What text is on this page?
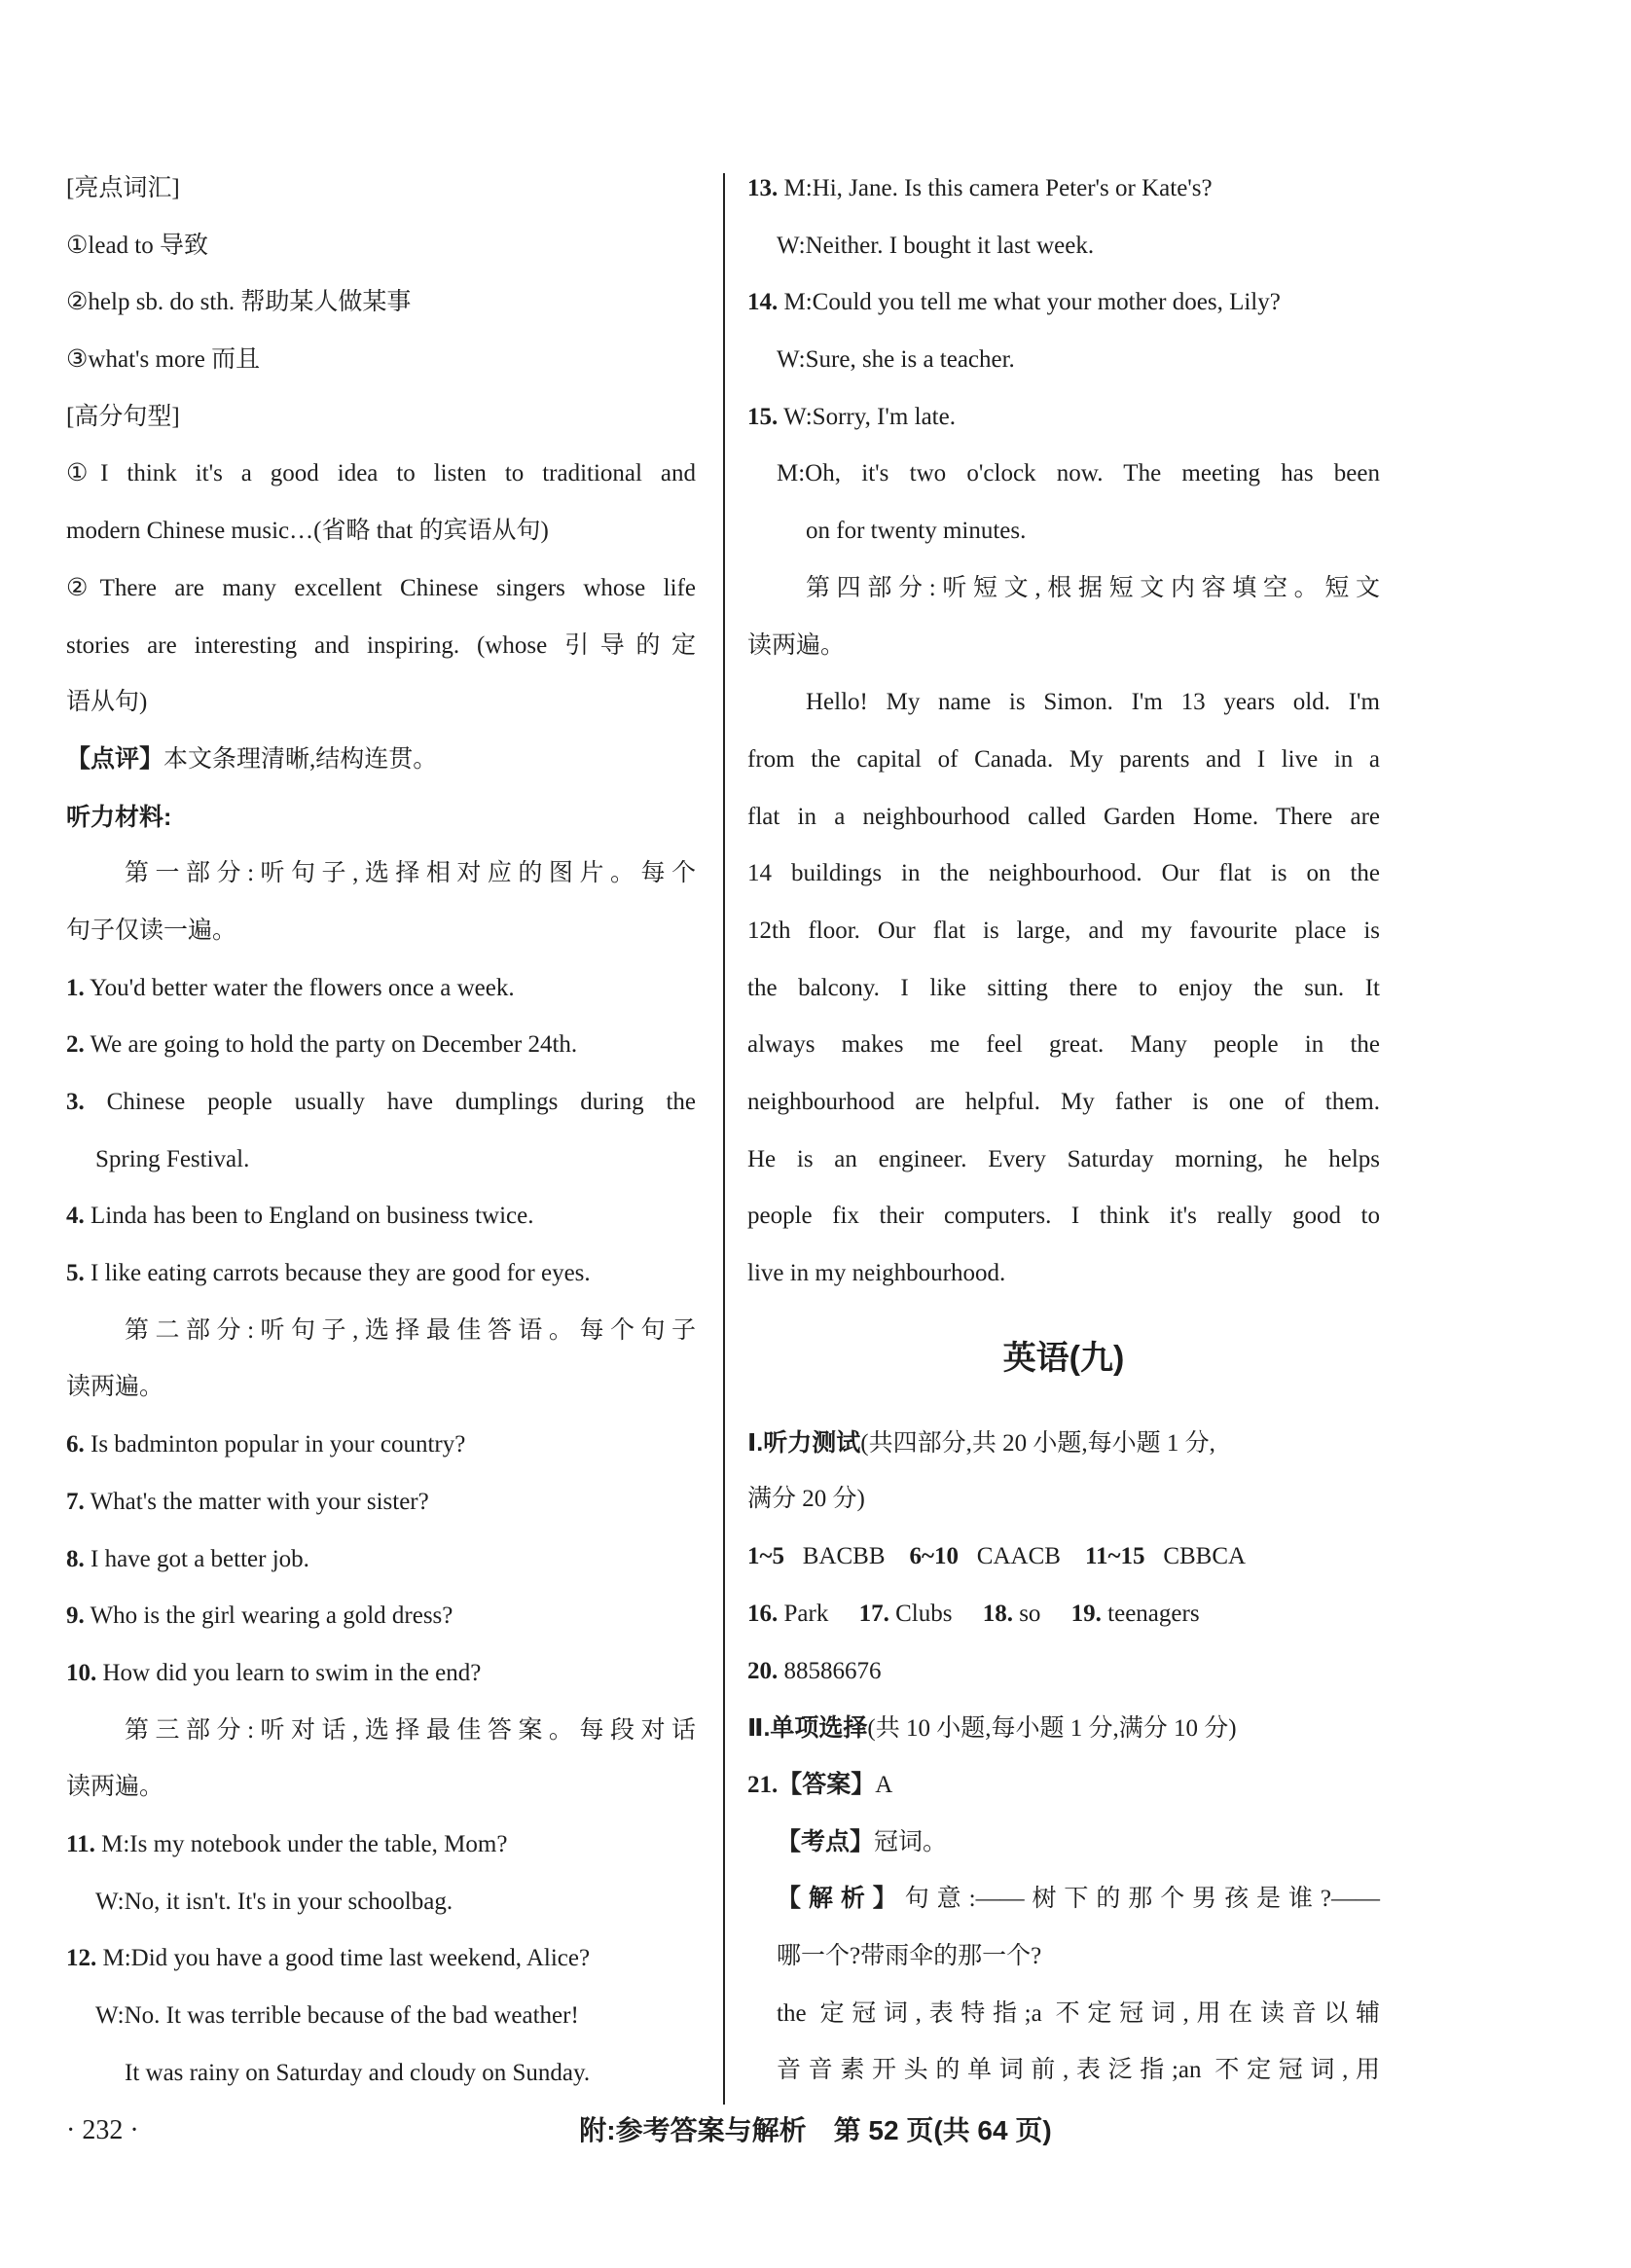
[亮点词汇]
①lead to 导致
②help sb. do sth. 帮助某人做某事
③what's more 而且
[高分句型]
①I think it's a good idea to listen to traditional and
modern Chinese music…(省略 that 的宾语从句)
②There are many excellent Chinese singers whose life
stories are interesting and inspiring. (whose 引导的定
语从句)
【点评】本文条理清晰,结构连贯。
听力材料:
第一部分:听句子,选择相对应的图片。每个
句子仅读一遍。
1. You'd better water the flowers once a week.
2. We are going to hold the party on December 24th.
3. Chinese people usually have dumplings during the
Spring Festival.
4. Linda has been to England on business twice.
5. I like eating carrots because they are good for eyes.
第二部分:听句子,选择最佳答语。每个句子
读两遍。
6. Is badminton popular in your country?
7. What's the matter with your sister?
8. I have got a better job.
9. Who is the girl wearing a gold dress?
10. How did you learn to swim in the end?
第三部分:听对话,选择最佳答案。每段对话
读两遍。
11. M:Is my notebook under the table, Mom?
W:No, it isn't. It's in your schoolbag.
12. M:Did you have a good time last weekend, Alice?
W:No. It was terrible because of the bad weather!
It was rainy on Saturday and cloudy on Sunday.
13. M:Hi, Jane. Is this camera Peter's or Kate's?
W:Neither. I bought it last week.
14. M:Could you tell me what your mother does, Lily?
W:Sure, she is a teacher.
15. W:Sorry, I'm late.
M:Oh, it's two o'clock now. The meeting has been
on for twenty minutes.
第四部分:听短文,根据短文内容填空。短文
读两遍。
Hello! My name is Simon. I'm 13 years old. I'm
from the capital of Canada. My parents and I live in a
flat in a neighbourhood called Garden Home. There are
14 buildings in the neighbourhood. Our flat is on the
12th floor. Our flat is large, and my favourite place is
the balcony. I like sitting there to enjoy the sun. It
always makes me feel great. Many people in the
neighbourhood are helpful. My father is one of them.
He is an engineer. Every Saturday morning, he helps
people fix their computers. I think it's really good to
live in my neighbourhood.
英语(九)
Ⅰ.听力测试(共四部分,共 20 小题,每小题 1 分,
满分 20 分)
1~5 BACBB 6~10 CAACB 11~15 CBBCA
16. Park 17. Clubs 18. so 19. teenagers
20. 88586676
Ⅱ.单项选择(共 10 小题,每小题 1 分,满分 10 分)
21.【答案】A
【考点】冠词。
【解析】句意:——树下的那个男孩是谁?——
哪一个?带雨伞的那一个?
the 定冠词,表特指;a 不定冠词,用在读音以辅
音音素开头的单词前,表泛指;an 不定冠词,用
· 232 ·	附:参考答案与解析　第 52 页(共 64 页)
